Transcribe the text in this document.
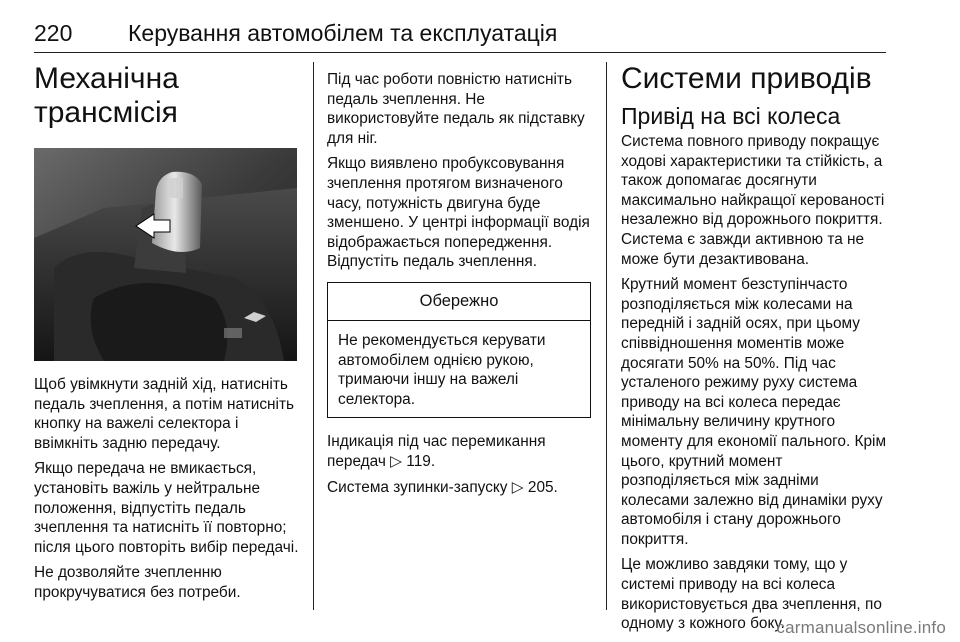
220 Керування автомобілем та експлуатація
Механічна трансмісія

Щоб увімкнути задній хід, натисніть педаль зчеплення, а потім натисніть кнопку на важелі селектора і ввімкніть задню передачу.

Якщо передача не вмикається, установіть важіль у нейтральне положення, відпустіть педаль зчеплення та натисніть її повторно; після цього повторіть вибір передачі.

Не дозволяйте зчепленню прокручуватися без потреби.

Під час роботи повністю натисніть педаль зчеплення. Не використовуйте педаль як підставку для ніг.

Якщо виявлено пробуксовування зчеплення протягом визначеного часу, потужність двигуна буде зменшено. У центрі інформації водія відображається попередження. Відпустіть педаль зчеплення.

Обережно

Не рекомендується керувати автомобілем однією рукою, тримаючи іншу на важелі селектора.

Індикація під час перемикання передач ▷ 119.

Система зупинки-запуску ▷ 205.

Системи приводів
Привід на всі колеса

Система повного приводу покращує ходові характеристики та стійкість, а також допомагає досягнути максимально найкращої керованості незалежно від дорожнього покриття. Система є завжди активною та не може бути дезактивована.

Крутний момент безступінчасто розподіляється між колесами на передній і задній осях, при цьому співвідношення моментів може досягати 50% на 50%. Під час усталеного режиму руху система приводу на всі колеса передає мінімальну величину крутного моменту для економії пального. Крім цього, крутний момент розподіляється між задніми колесами залежно від динаміки руху автомобіля і стану дорожнього покриття.

Це можливо завдяки тому, що у системі приводу на всі колеса використовується два зчеплення, по одному з кожного боку.

carmanualsonline.info
